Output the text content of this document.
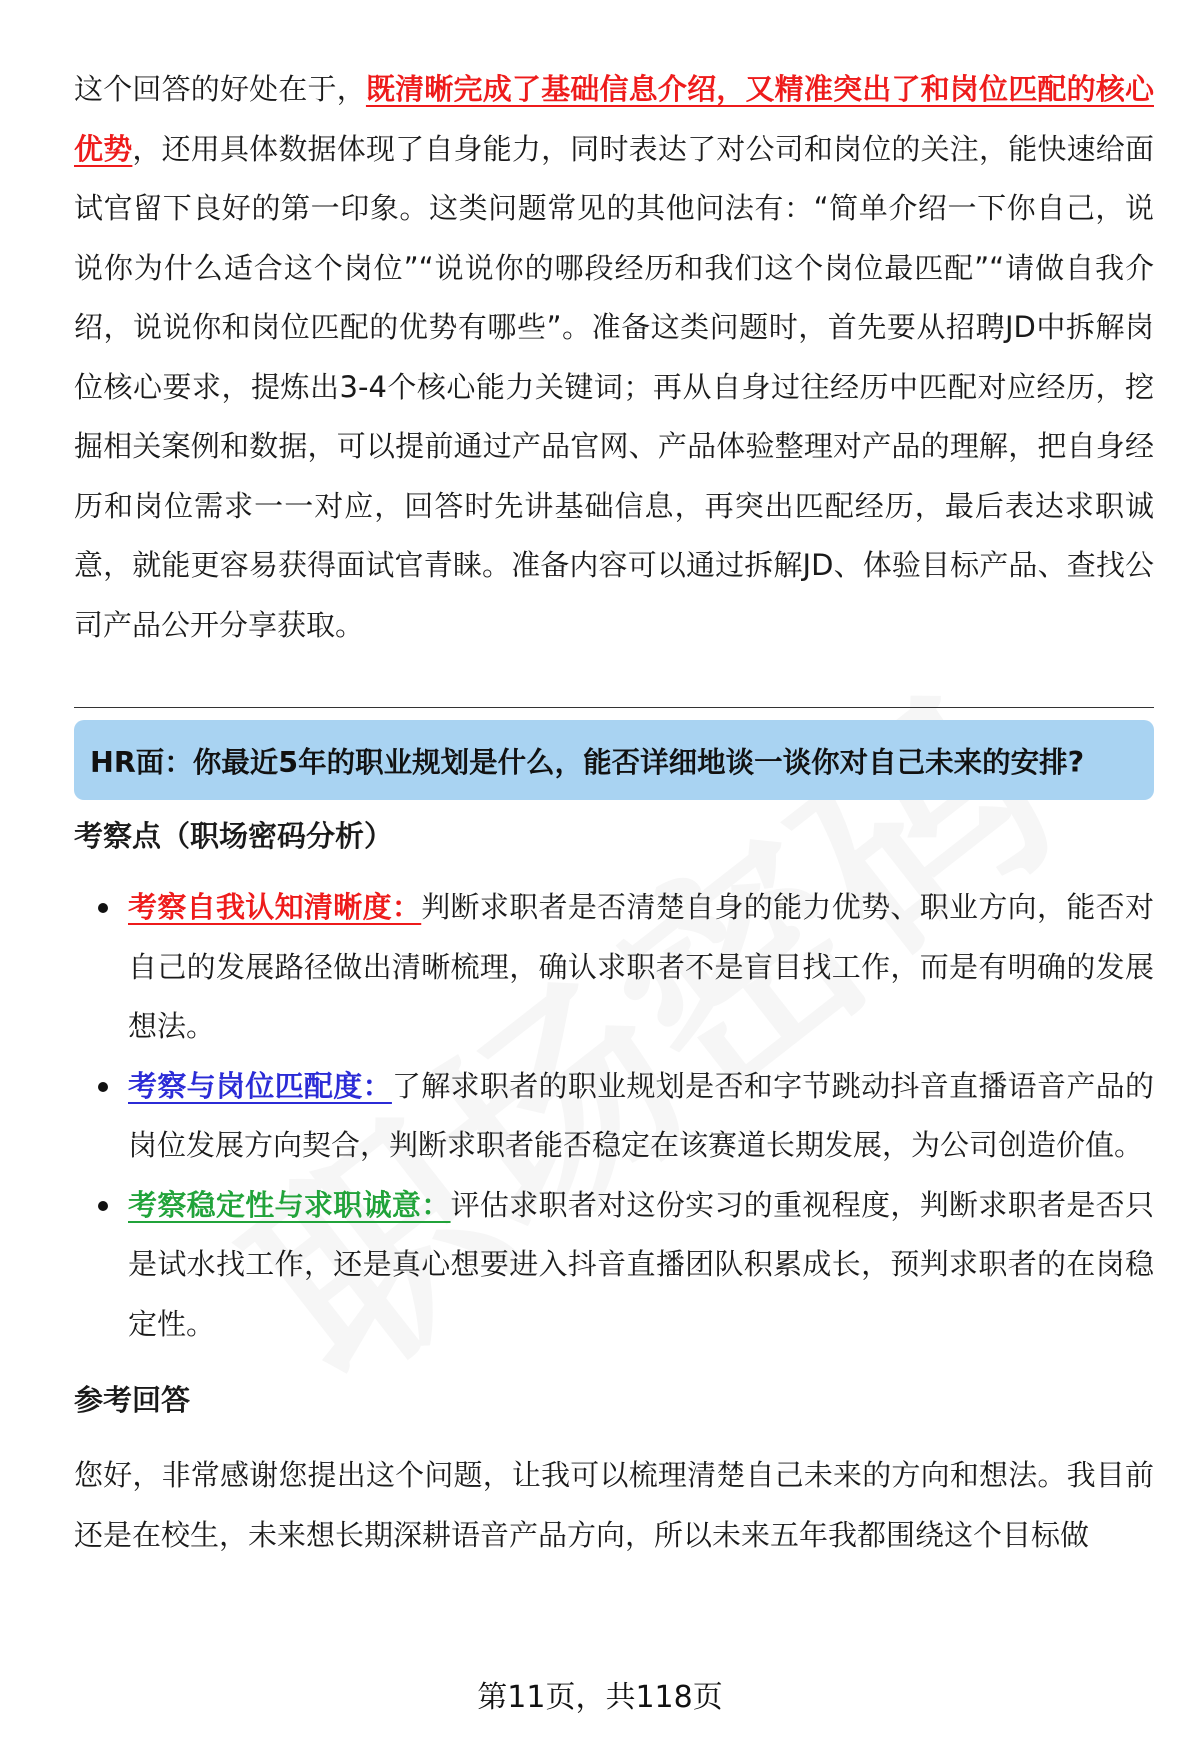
这个回答的好处在于，既清晰完成了基础信息介绍，又精准突出了和岗位匹配的核心优势，还用具体数据体现了自身能力，同时表达了对公司和岗位的关注，能快速给面试官留下良好的第一印象。这类问题常见的其他问法有：“简单介绍一下你自己，说说你为什么适合这个岗位”“说说你的哪段经历和我们这个岗位最匹配”“请做自我介绍，说说你和岗位匹配的优势有哪些”。准备这类问题时，首先要从招聘JD中拆解岗位核心要求，提炼出3-4个核心能力关键词；再从自身过往经历中匹配对应经历，挖掘相关案例和数据，可以提前通过产品官网、产品体验整理对产品的理解，把自身经历和岗位需求一一对应，回答时先讲基础信息，再突出匹配经历，最后表达求职诚意，就能更容易获得面试官青睐。准备内容可以通过拆解JD、体验目标产品、查找公司产品公开分享获取。

HR面：你最近5年的职业规划是什么，能否详细地谈一谈你对自己未来的安排?

考察点（职场密码分析）

考察自我认知清晰度：判断求职者是否清楚自身的能力优势、职业方向，能否对自己的发展路径做出清晰梳理，确认求职者不是盲目找工作，而是有明确的发展想法。
考察与岗位匹配度：了解求职者的职业规划是否和字节跳动抖音直播语音产品的岗位发展方向契合，判断求职者能否稳定在该赛道长期发展，为公司创造价值。
考察稳定性与求职诚意：评估求职者对这份实习的重视程度，判断求职者是否只是试水找工作，还是真心想要进入抖音直播团队积累成长，预判求职者的在岗稳定性。

参考回答

您好，非常感谢您提出这个问题，让我可以梳理清楚自己未来的方向和想法。我目前还是在校生，未来想长期深耕语音产品方向，所以未来五年我都围绕这个目标做

第11页，共118页
